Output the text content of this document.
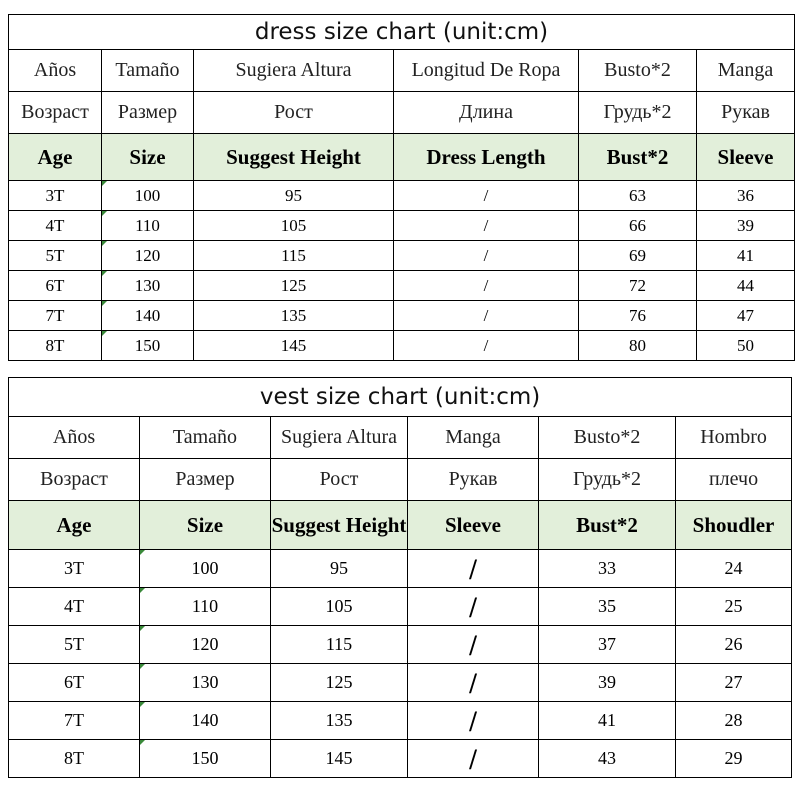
dress size chart (unit:cm)					
Años	Tamaño	Sugiera Altura	Longitud De Ropa	Busto*2	Manga
Возраст	Размер	Рост	Длина	Грудь*2	Рукав
Age	Size	Suggest Height	Dress Length	Bust*2	Sleeve
3T	100	95	/	63	36
4T	110	105	/	66	39
5T	120	115	/	69	41
6T	130	125	/	72	44
7T	140	135	/	76	47
8T	150	145	/	80	50
vest size chart (unit:cm)					
Años	Tamaño	Sugiera Altura	Manga	Busto*2	Hombro
Возраст	Размер	Рост	Рукав	Грудь*2	плечо
Age	Size	Suggest Height	Sleeve	Bust*2	Shoudler
3T	100	95	/	33	24
4T	110	105	/	35	25
5T	120	115	/	37	26
6T	130	125	/	39	27
7T	140	135	/	41	28
8T	150	145	/	43	29
